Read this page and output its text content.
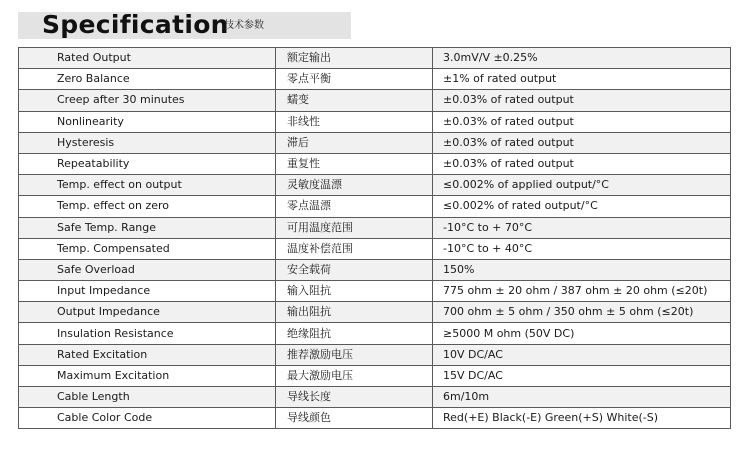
Specification
技术参数
Rated Output	额定输出	3.0mV/V ±0.25%
Zero Balance	零点平衡	±1% of rated output
Creep after 30 minutes	蠕变	±0.03% of rated output
Nonlinearity	非线性	±0.03% of rated output
Hysteresis	滞后	±0.03% of rated output
Repeatability	重复性	±0.03% of rated output
Temp. effect on output	灵敏度温漂	≤0.002% of applied output/°C
Temp. effect on zero	零点温漂	≤0.002% of rated output/°C
Safe Temp. Range	可用温度范围	-10°C to + 70°C
Temp. Compensated	温度补偿范围	-10°C to + 40°C
Safe Overload	安全载荷	150%
Input Impedance	输入阻抗	775 ohm ± 20 ohm / 387 ohm ± 20 ohm (≤20t)
Output Impedance	输出阻抗	700 ohm ± 5 ohm / 350 ohm ± 5 ohm (≤20t)
Insulation Resistance	绝缘阻抗	≥5000 M ohm (50V DC)
Rated Excitation	推荐激励电压	10V DC/AC
Maximum Excitation	最大激励电压	15V DC/AC
Cable Length	导线长度	6m/10m
Cable Color Code	导线颜色	Red(+E) Black(-E) Green(+S) White(-S)
